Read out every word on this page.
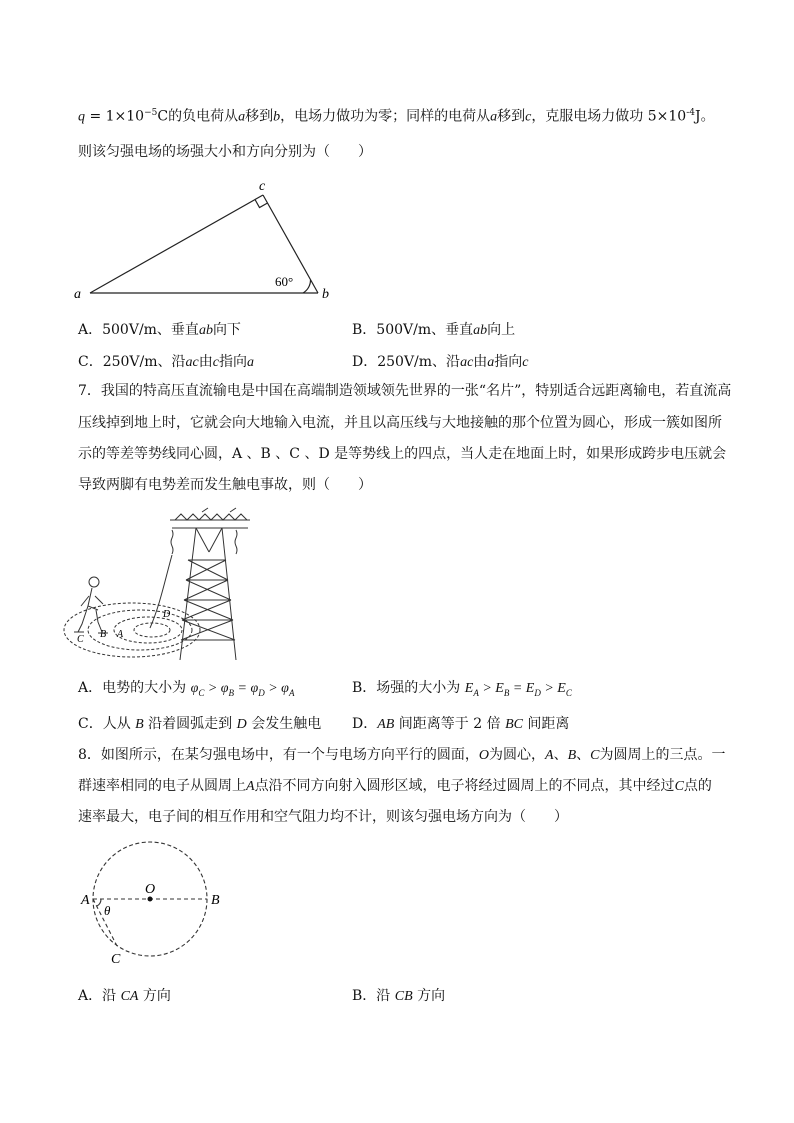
$q = 1\times 10^{-5}C$的负电荷从a移到b，电场力做功为零；同样的电荷从a移到c，克服电场力做功 $5\times 10^{-4}J$。
则该匀强电场的场强大小和方向分别为（　　）
a	b
c
60°
A．500V/m、垂直ab向下	B．500V/m、垂直ab向上
C．250V/m、沿ac由c指向a	D．250V/m、沿ac由a指向c
7．我国的特高压直流输电是中国在高端制造领域领先世界的一张“名片”，特别适合远距离输电，若直流高
压线掉到地上时，它就会向大地输入电流，并且以高压线与大地接触的那个位置为圆心，形成一簇如图所
示的等差等势线同心圆，A 、B 、C 、D 是等势线上的四点，当人走在地面上时，如果形成跨步电压就会
导致两脚有电势差而发生触电事故，则（　　）
A
B
C
D
A．电势的大小为 $\varphi_C > \varphi_B = \varphi_D > \varphi_A$	B．场强的大小为 $E_A > E_B = E_D > E_C$
C．人从 B 沿着圆弧走到 D 会发生触电 D．AB 间距离等于 2 倍 BC 间距离
8．如图所示，在某匀强电场中，有一个与电场方向平行的圆面，O为圆心，A、B、C为圆周上的三点。一
群速率相同的电子从圆周上A点沿不同方向射入圆形区域，电子将经过圆周上的不同点，其中经过C点的
速率最大，电子间的相互作用和空气阻力均不计，则该匀强电场方向为（　　）
O
A	B
C
θ
A．沿 CA 方向	B．沿 CB 方向
